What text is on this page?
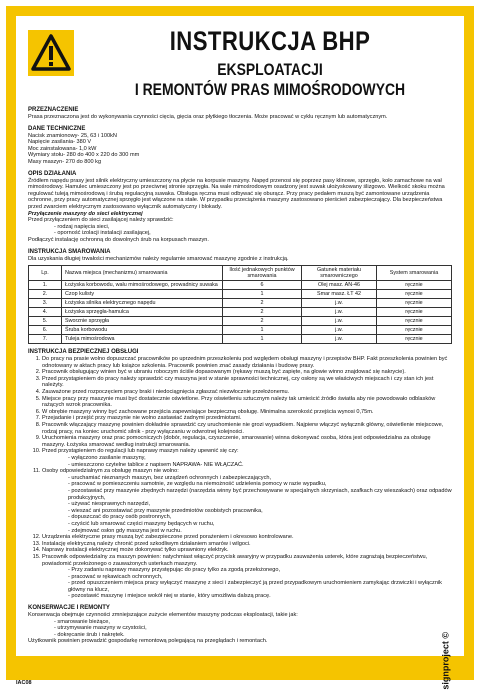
INSTRUKCJA BHP
EKSPLOATACJI
I REMONTÓW PRAS MIMOŚRODOWYCH
PRZEZNACZENIE

Prasa przeznaczona jest do wykonywania czynności cięcia, gięcia oraz płytkiego tłoczenia. Może pracować w cyklu ręcznym lub automatycznym.

DANE TECHNICZNE
Nacisk znamionowy- 25, 63 i 100kN
Napięcie zasilania- 380 V
Moc zainstalowana- 1,0 kW
Wymiary stołu- 280 do 400 x 220 do 300 mm
Masy maszyn- 270 do 800 kg
OPIS DZIAŁANIA

Źródłem napędu prasy jest silnik elektryczny umieszczony na płycie na korpusie maszyny. Napęd przenosi się poprzez pasy klinowe, sprzęgło, koło zamachowe na wał mimośrodowy. Hamulec umieszczony jest po przeciwnej stronie sprzęgła. Na wale mimośrodowym osadzony jest suwak ułożyskowany ślizgowo. Wielkość skoku można regulować tuleją mimośrodową i śrubą regulacyjną suwaka. Obsługa ręczna musi odbywać się oburącz. Przy pracy pedałem muszą być zamontowane urządzenia ochronne, przy pracy automatycznej sprzęgło jest włączone na stałe. W przypadku przeciążenia maszyny zastosowano pierścień zabezpieczający. Dla bezpieczeństwa przed zwarciem elektrycznym zastosowano wyłącznik automatyczny i blokady.

Przyłączenie maszyny do sieci elektrycznej
Przed przyłączeniem do sieci zasilającej należy sprawdzić:
- rodzaj napięcia sieci,
- oporność izolacji instalacji zasilającej,
Podłączyć instalację ochronną do dowolnych śrub na korpusach maszyn.
INSTRUKCJA SMAROWANIA
Dla uzyskania długiej trwałości mechanizmów należy regularnie smarować maszynę zgodnie z instrukcją.
Lp.	Nazwa miejsca (mechanizmu) smarowania	Ilość jednakowych punktów smarowania	Gatunek materiału smarowniczego	System smarowania
1.	Łożyska korbowodu, wału mimośrodowego, prowadnicy suwaka	6	Olej masz. AN-46	ręcznie
2.	Czop kulisty	1	Smar masz. ŁT 42	ręcznie
3.	Łożyska silnika elektrycznego napędu	2	j.w.	ręcznie
4.	Łożyska sprzęgła-hamulca	2	j.w.	ręcznie
5.	Sworznie sprzęgła	2	j.w.	ręcznie
6.	Śruba korbowodu	1	j.w.	ręcznie
7.	Tuleja mimośrodowa	1	j.w.	ręcznie
INSTRUKCJA BEZPIECZNEJ OBSŁUGI
1. Do pracy na prasie wolno dopuszczać pracowników po uprzednim przeszkoleniu pod względem obsługi maszyny i przepisów BHP. Fakt przeszkolenia powinien być odnotowany w aktach pracy lub książce szkolenia. Pracownik powinien znać zasady działania i budowę prasy.
2. Pracownik obsługujący winien być w ubraniu roboczym ściśle dopasowanym (rękawy muszą być zapięte, na głowie winno znajdować się nakrycie).
3. Przed przystąpieniem do pracy należy sprawdzić czy maszyna jest w stanie sprawności technicznej, czy osłony są we właściwych miejscach i czy stan ich jest należyty.
4. Zauważone przed rozpoczęciem pracy braki i niedociągnięcia zgłaszać niezwłocznie przełożonemu.
5. Miejsce pracy przy maszynie musi być dostatecznie oświetlone. Przy oświetleniu sztucznym należy tak umieścić źródło światła aby nie powodowało odblasków rażących wzrok pracownika.
6. W obrębie maszyny winny być zachowane przejścia zapewniające bezpieczną obsługę. Minimalna szerokość przejścia wynosi 0,75m.
7. Przejadanie i przejść przy maszynie nie wolno zastawiać żadnymi przedmiotami.
8. Pracownik włączający maszynę powinien dokładnie sprawdzić czy uruchomienie nie grozi wypadkiem. Najpierw włączyć wyłącznik główny, oświetlenie miejscowe, rodzaj pracy, na koniec uruchomić silnik - przy wyłączaniu w odwrotnej kolejności.
9. Uruchomienia maszyny oraz prac pomocniczych (dobór, regulacja, czyszczenie, smarowanie) winna dokonywać osoba, która jest odpowiedzialna za obsługę maszyny. Łożyska smarować według instrukcji smarowania.
10. Przed przystąpieniem do regulacji lub naprawy maszyn należy upewnić się czy:
- wyłączono zasilanie maszyny,
- umieszczono czytelne tablice z napisem NAPRAWA- NIE WŁĄCZAĆ.
11. Osoby odpowiedzialnym za obsługę maszyn nie wolno:
- uruchamiać nieznanych maszyn, bez urządzeń ochronnych i zabezpieczających,
- pracować w pomieszczeniu samotnie, ze względu na niemożność udzielenia pomocy w razie wypadku,
- pozostawiać przy maszynie zbędnych narzędzi (narzędzia winny być przechowywane w specjalnych skrzyniach, szafkach czy wieszakach) oraz odpadów produkcyjnych,
- używać niesprawnych narzędzi,
- wieszać ani pozostawiać przy maszynie przedmiotów osobistych pracownika,
- dopuszczać do pracy osób postronnych,
- czyścić lub smarować części maszyny będących w ruchu,
- zdejmować osłon gdy maszyna jest w ruchu.
12. Urządzenia elektryczne prasy muszą być zabezpieczone przed porażeniem i okresowo kontrolowane.
13. Instalację elektryczną należy chronić przed szkodliwym działaniem smarów i wilgoci.
14. Naprawy instalacji elektrycznej może dokonywać tylko uprawniony elektryk.
15. Pracownik odpowiedzialny za maszyn powinien: natychmiast włączyć przycisk awaryjny w przypadku zauważenia usterek, które zagrażają bezpieczeństwu, powiadomić przełożonego o zauważonych usterkach maszyny.
- Przy zadaniu naprawy maszyny przystępując do pracy tylko za zgodą przełożonego,
- pracować w rękawicach ochronnych,
- przed opuszczeniem miejsca pracy wyłączyć maszynę z sieci i zabezpieczyć ją przed przypadkowym uruchomieniem zamykając drzwiczki i wyłącznik główny na klucz,
- pozostawić maszynę i miejsce wokół niej w stanie, który umożliwia dalszą pracę.
KONSERWACJE I REMONTY
Konserwacja obejmuje czynności zmniejszające zużycie elementów maszyny podczas eksploatacji, takie jak:
- smarowanie bieżące,
- utrzymywanie maszyny w czystości,
- dokręcanie śrub i nakrętek.
Użytkownik powinien prowadzić gospodarkę remontową polegającą na przeglądach i remontach.	signproject ©
IAC08
